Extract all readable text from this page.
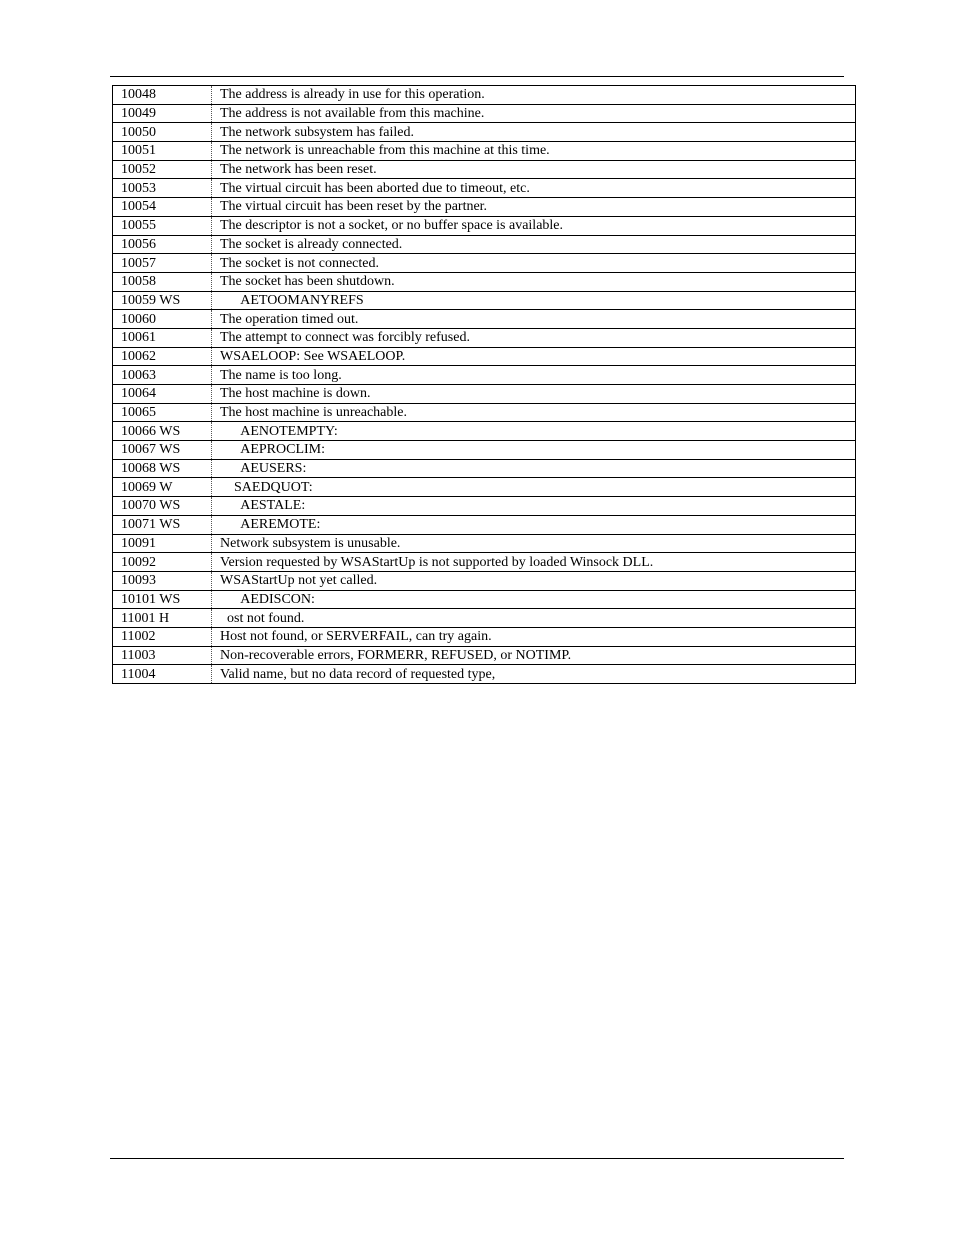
10048	The address is already in use for this operation.
10049	The address is not available from this machine.
10050	The network subsystem has failed.
10051	The network is unreachable from this machine at this time.
10052	The network has been reset.
10053	The virtual circuit has been aborted due to timeout, etc.
10054	The virtual circuit has been reset by the partner.
10055	The descriptor is not a socket, or no buffer space is available.
10056	The socket is already connected.
10057	The socket is not connected.
10058	The socket has been shutdown.
10059 WS	AETOOMANYREFS
10060	The operation timed out.
10061	The attempt to connect was forcibly refused.
10062	WSAELOOP: See WSAELOOP.
10063	The name is too long.
10064	The host machine is down.
10065	The host machine is unreachable.
10066 WS	AENOTEMPTY:
10067 WS	AEPROCLIM:
10068 WS	AEUSERS:
10069 W	SAEDQUOT:
10070 WS	AESTALE:
10071 WS	AEREMOTE:
10091	Network subsystem is unusable.
10092	Version requested by WSAStartUp is not supported by loaded Winsock DLL.
10093	WSAStartUp not yet called.
10101 WS	AEDISCON:
11001 H	ost not found.
11002	Host not found, or SERVERFAIL, can try again.
11003	Non-recoverable errors, FORMERR, REFUSED, or NOTIMP.
11004	Valid name, but no data record of requested type,
